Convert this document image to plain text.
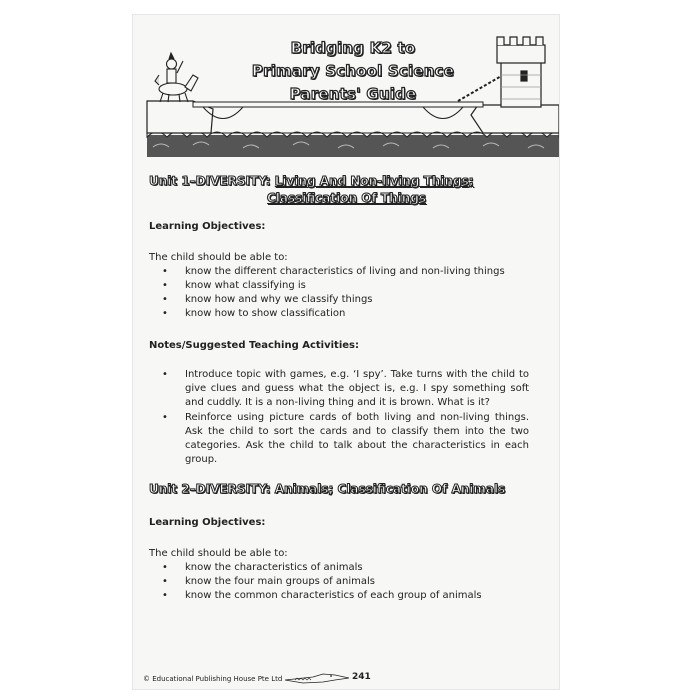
Bridging K2 to
Primary School Science
Parents' Guide
Unit 1–DIVERSITY: Living And Non-living Things;
Classification Of Things
Learning Objectives:
The child should be able to:
• know the different characteristics of living and non-living things
• know what classifying is
• know how and why we classify things
• know how to show classification
Notes/Suggested Teaching Activities:
• Introduce topic with games, e.g. ‘I spy’. Take turns with the child to give clues and guess what the object is, e.g. I spy something soft and cuddly. It is a non-living thing and it is brown. What is it?
• Reinforce using picture cards of both living and non-living things. Ask the child to sort the cards and to classify them into the two categories. Ask the child to talk about the characteristics in each group.
Unit 2–DIVERSITY: Animals; Classification Of Animals
Learning Objectives:
The child should be able to:
• know the characteristics of animals
• know the four main groups of animals
• know the common characteristics of each group of animals
© Educational Publishing House Pte Ltd	241
